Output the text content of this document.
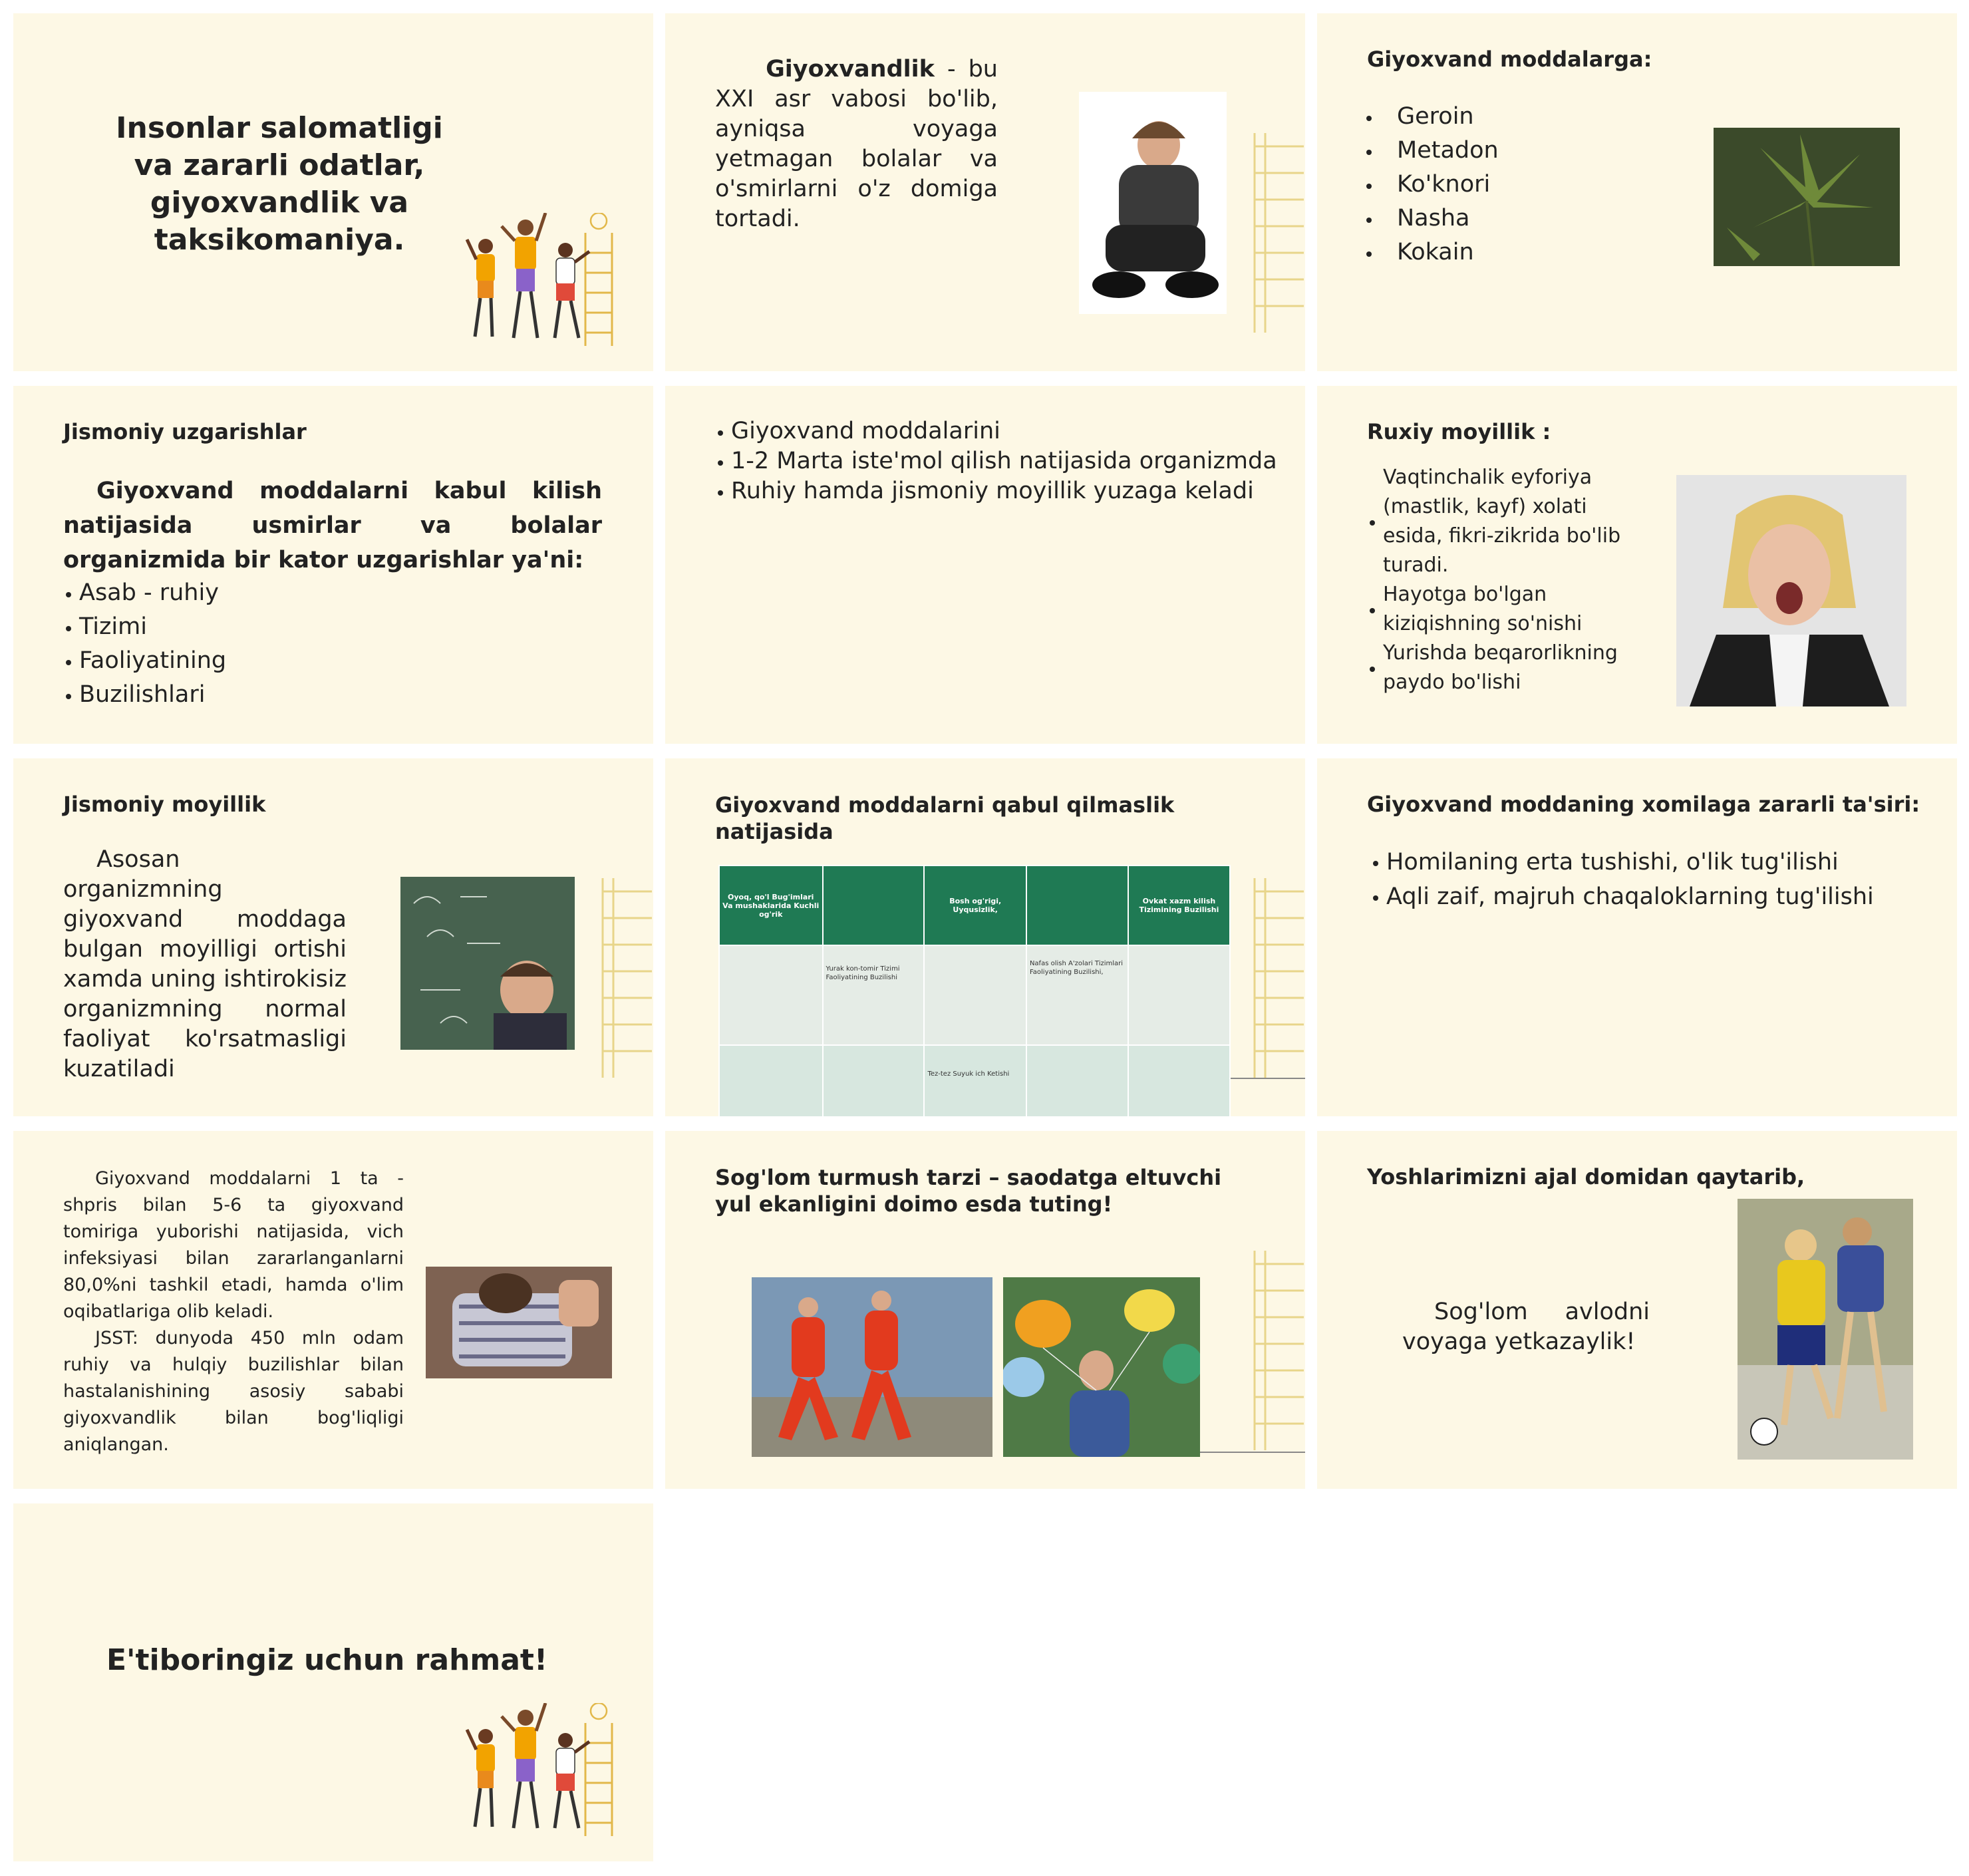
Insonlar salomatligi va zararli odatlar, giyoxvandlik va taksikomaniya.
Giyoxvandlik - bu XXI asr vabosi bo'lib, ayniqsa voyaga yetmagan bolalar va o'smirlarni o'z domiga tortadi.
Giyoxvand moddalarga:
Geroin
Metadon
Ko'knori
Nasha
Kokain
Jismoniy uzgarishlar
Giyoxvand moddalarni kabul kilish natijasida usmirlar va bolalar organizmida bir kator uzgarishlar ya'ni:
Asab - ruhiy
Tizimi
Faoliyatining
Buzilishlari
Giyoxvand moddalarini
1-2 Marta iste'mol qilish natijasida organizmda
Ruhiy hamda jismoniy moyillik yuzaga keladi
Ruxiy moyillik :
Vaqtinchalik eyforiya (mastlik, kayf) xolati esida, fikri-zikrida bo'lib turadi.
Hayotga bo'lgan kiziqishning so'nishi
Yurishda beqarorlikning paydo bo'lishi
Jismoniy moyillik
Asosan organizmning giyoxvand moddaga bulgan moyilligi ortishi xamda uning ishtirokisiz organizmning normal faoliyat ko'rsatmasligi kuzatiladi
Giyoxvand moddalarni qabul qilmaslik natijasida
Oyoq, qo'l Bug'imlari Va mushaklarida Kuchli og'rik		Bosh og'rigi, Uyqusizlik,		Ovkat xazm kilish Tizimining Buzilishi
	Yurak kon-tomir Tizimi Faoliyatining Buzilishi		Nafas olish A'zolari Tizimlari Faoliyatining Buzilishi,	
		Tez-tez Suyuk ich Ketishi		
Giyoxvand moddaning xomilaga zararli ta'siri:
Homilaning erta tushishi, o'lik tug'ilishi
Aqli zaif, majruh chaqaloklarning tug'ilishi
Giyoxvand moddalarni 1 ta -shpris bilan 5-6 ta giyoxvand tomiriga yuborishi natijasida, vich infeksiyasi bilan zararlanganlarni 80,0%ni tashkil etadi, hamda o'lim oqibatlariga olib keladi.
JSST: dunyoda 450 mln odam ruhiy va hulqiy buzilishlar bilan hastalanishining asosiy sababi giyoxvandlik bilan bog'liqligi aniqlangan.
Sog'lom turmush tarzi – saodatga eltuvchi yul ekanligini doimo esda tuting!
Yoshlarimizni ajal domidan qaytarib,
Sog'lom avlodni voyaga yetkazaylik!
E'tiboringiz uchun rahmat!
